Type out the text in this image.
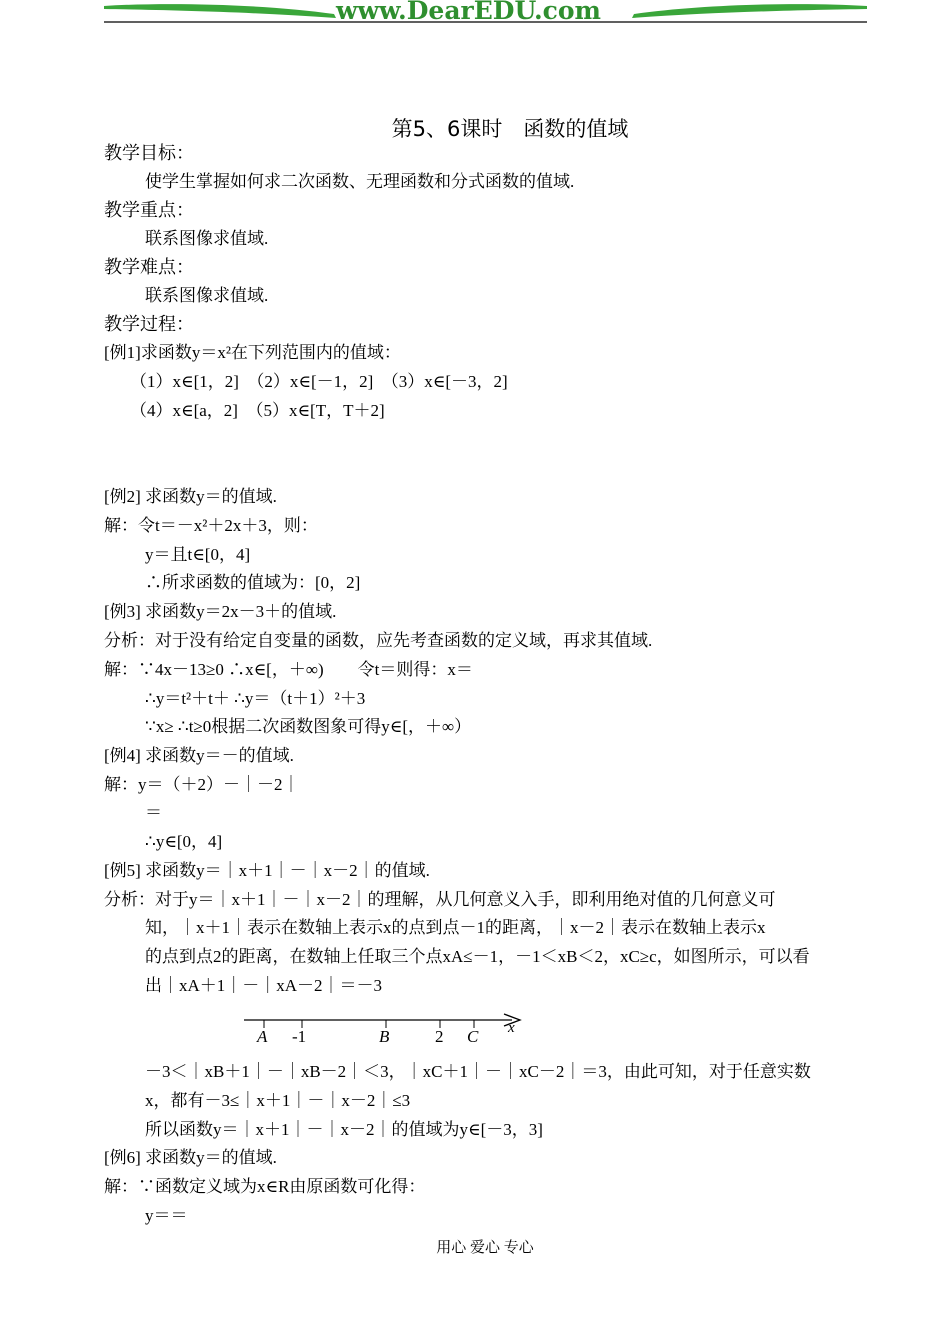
www.DearEDU.com
第5、6课时　函数的值域
教学目标：
使学生掌握如何求二次函数、无理函数和分式函数的值域.
教学重点：
联系图像求值域.
教学难点：
联系图像求值域.
教学过程：
[例1]求函数y＝x²在下列范围内的值域：
（1）x∈[1，2]　（2）x∈[－1，2]　（3）x∈[－3，2]
（4）x∈[a，2]　（5）x∈[T，T＋2]
[例2] 求函数y＝的值域.
解：令t＝－x²＋2x＋3，则：
y＝且t∈[0，4]
∴所求函数的值域为：[0，2]
[例3] 求函数y＝2x－3＋的值域.
分析：对于没有给定自变量的函数，应先考查函数的定义域，再求其值域.
解：∵4x－13≥0 ∴x∈[，＋∞)　　令t＝则得：x＝
∴y＝t²＋t＋ ∴y＝（t＋1）²＋3
∵x≥ ∴t≥0根据二次函数图象可得y∈[，＋∞）
[例4] 求函数y＝－的值域.
解：y＝（＋2）－｜－2｜
＝
∴y∈[0，4]
[例5] 求函数y＝｜x＋1｜－｜x－2｜的值域.
分析：对于y＝｜x＋1｜－｜x－2｜的理解，从几何意义入手，即利用绝对值的几何意义可
知，｜x＋1｜表示在数轴上表示x的点到点－1的距离，｜x－2｜表示在数轴上表示x
的点到点2的距离，在数轴上任取三个点xA≤－1，－1＜xB＜2，xC≥c，如图所示，可以看
出｜xA＋1｜－｜xA－2｜＝－3
A -1	B	2 C x
－3＜｜xB＋1｜－｜xB－2｜＜3，｜xC＋1｜－｜xC－2｜＝3，由此可知，对于任意实数
x，都有－3≤｜x＋1｜－｜x－2｜≤3
所以函数y＝｜x＋1｜－｜x－2｜的值域为y∈[－3，3]
[例6] 求函数y＝的值域.
解：∵函数定义域为x∈R由原函数可化得：
y＝＝
用心 爱心 专心
